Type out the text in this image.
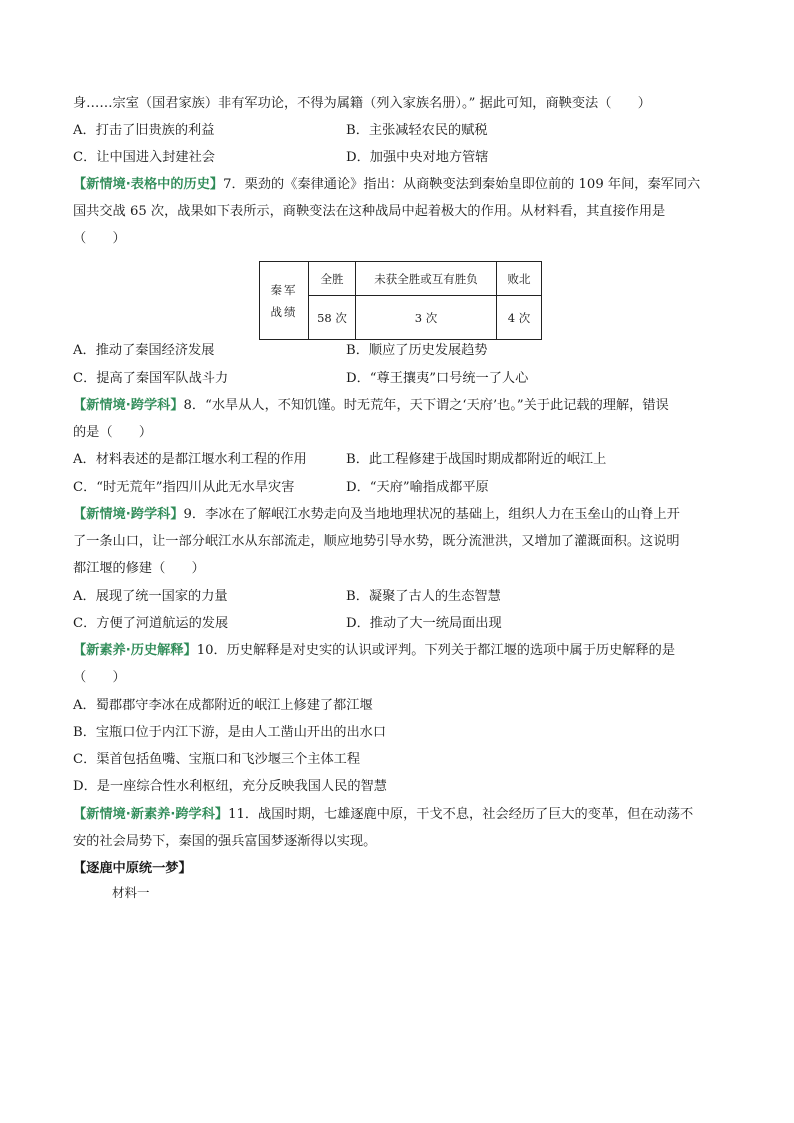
身……宗室（国君家族）非有军功论，不得为属籍（列入家族名册）。” 据此可知，商鞅变法（　　）
A．打击了旧贵族的利益	B．主张减轻农民的赋税
C．让中国进入封建社会	D．加强中央对地方管辖
【新情境·表格中的历史】7．栗劲的《秦律通论》指出：从商鞅变法到秦始皇即位前的 109 年间，秦军同六
国共交战 65 次，战果如下表所示，商鞅变法在这种战局中起着极大的作用。从材料看，其直接作用是
（　　）
秦军战绩	全胜	未获全胜或互有胜负	败北
	58 次	3 次	4 次
A．推动了秦国经济发展	B．顺应了历史发展趋势
C．提高了秦国军队战斗力	D．“尊王攘夷”口号统一了人心
【新情境·跨学科】8．“水旱从人，不知饥馑。时无荒年，天下谓之‘天府’也。”关于此记载的理解，错误
的是（　　）
A．材料表述的是都江堰水利工程的作用	B．此工程修建于战国时期成都附近的岷江上
C．“时无荒年”指四川从此无水旱灾害	D．“天府”喻指成都平原
【新情境·跨学科】9．李冰在了解岷江水势走向及当地地理状况的基础上，组织人力在玉垒山的山脊上开
了一条山口，让一部分岷江水从东部流走，顺应地势引导水势，既分流泄洪，又增加了灌溉面积。这说明
都江堰的修建（　　）
A．展现了统一国家的力量	B．凝聚了古人的生态智慧
C．方便了河道航运的发展	D．推动了大一统局面出现
【新素养·历史解释】10．历史解释是对史实的认识或评判。下列关于都江堰的选项中属于历史解释的是
（　　）
A．蜀郡郡守李冰在成都附近的岷江上修建了都江堰
B．宝瓶口位于内江下游，是由人工凿山开出的出水口
C．渠首包括鱼嘴、宝瓶口和飞沙堰三个主体工程
D．是一座综合性水利枢纽，充分反映我国人民的智慧
【新情境·新素养·跨学科】11．战国时期，七雄逐鹿中原，干戈不息，社会经历了巨大的变革，但在动荡不
安的社会局势下，秦国的强兵富国梦逐渐得以实现。
【逐鹿中原统一梦】
材料一
